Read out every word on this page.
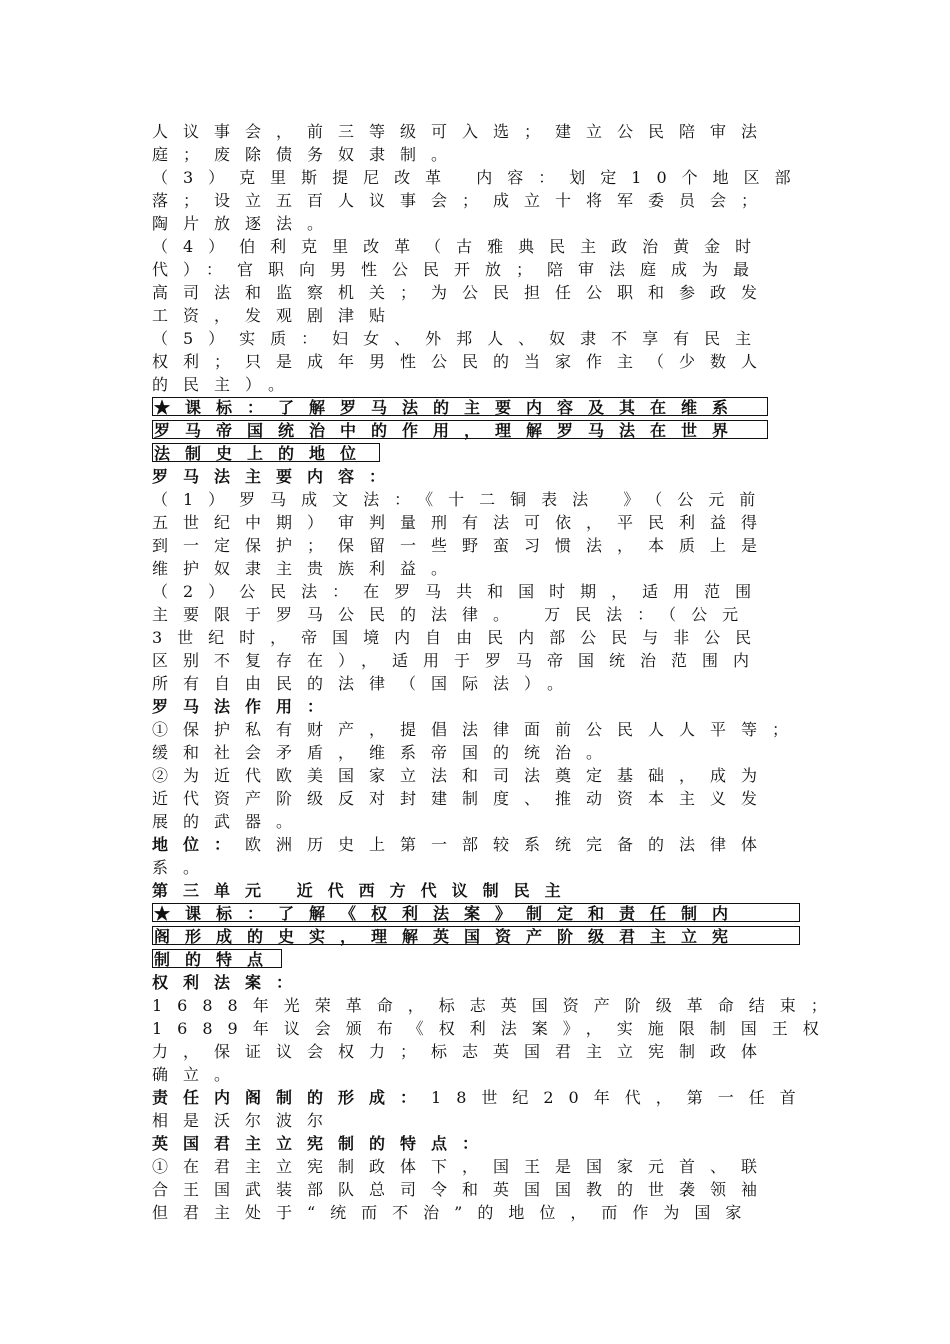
人议事会，前三等级可入选；建立公民陪审法
庭；废除债务奴隶制。
（3）克里斯提尼改革 内容：划定10个地区部
落；设立五百人议事会；成立十将军委员会；
陶片放逐法。
（4）伯利克里改革（古雅典民主政治黄金时
代）：官职向男性公民开放；陪审法庭成为最
高司法和监察机关；为公民担任公职和参政发
工资，发观剧津贴
（5）实质：妇女、外邦人、奴隶不享有民主
权利；只是成年男性公民的当家作主（少数人
的民主）。
★课标：了解罗马法的主要内容及其在维系
罗马帝国统治中的作用，理解罗马法在世界
法制史上的地位
罗马法主要内容：
（1）罗马成文法：《十二铜表法 》（公元前
五世纪中期）审判量刑有法可依，平民利益得
到一定保护；保留一些野蛮习惯法，本质上是
维护奴隶主贵族利益。
（2）公民法：在罗马共和国时期，适用范围
主要限于罗马公民的法律。 万民法：（公元
3世纪时，帝国境内自由民内部公民与非公民
区别不复存在），适用于罗马帝国统治范围内
所有自由民的法律（国际法）。
罗马法作用：
①保护私有财产，提倡法律面前公民人人平等；
缓和社会矛盾，维系帝国的统治。
②为近代欧美国家立法和司法奠定基础，成为
近代资产阶级反对封建制度、推动资本主义发
展的武器。
地位：欧洲历史上第一部较系统完备的法律体
系。
第三单元 近代西方代议制民主
★课标：了解《权利法案》制定和责任制内
阁形成的史实，理解英国资产阶级君主立宪
制的特点
权利法案：
1688年光荣革命，标志英国资产阶级革命结束；
1689年议会颁布《权利法案》，实施限制国王权
力，保证议会权力；标志英国君主立宪制政体
确立。
责任内阁制的形成：18世纪20年代，第一任首
相是沃尔波尔
英国君主立宪制的特点：
①在君主立宪制政体下，国王是国家元首、联
合王国武装部队总司令和英国国教的世袭领袖
但君主处于“统而不治”的地位，而作为国家
